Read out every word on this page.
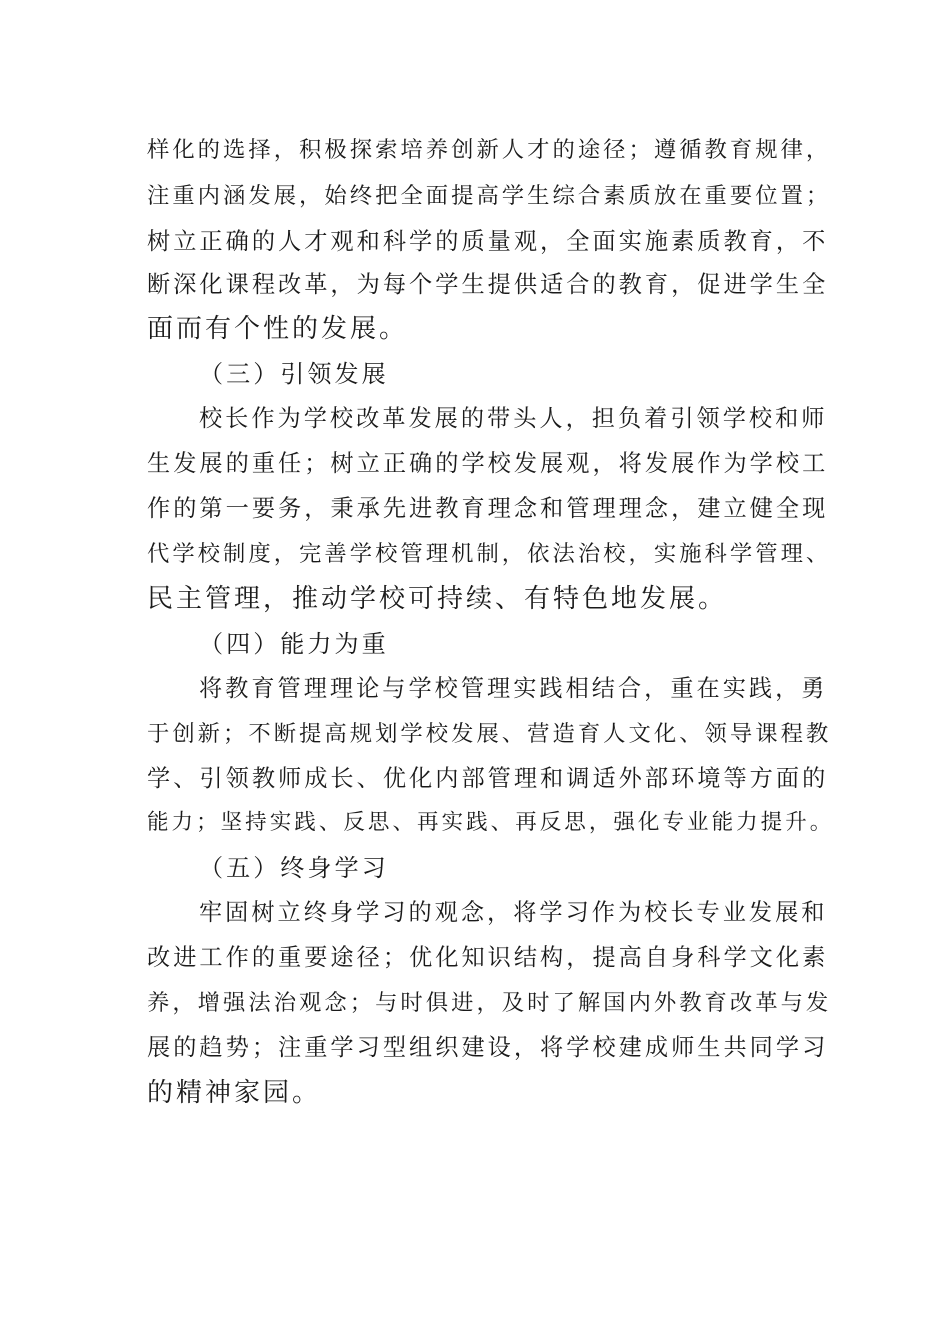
样化的选择，积极探索培养创新人才的途径；遵循教育规律，
注重内涵发展，始终把全面提高学生综合素质放在重要位置；
树立正确的人才观和科学的质量观，全面实施素质教育，不
断深化课程改革，为每个学生提供适合的教育，促进学生全
面而有个性的发展。
（三）引领发展
校长作为学校改革发展的带头人，担负着引领学校和师
生发展的重任；树立正确的学校发展观，将发展作为学校工
作的第一要务，秉承先进教育理念和管理理念，建立健全现
代学校制度，完善学校管理机制，依法治校，实施科学管理、
民主管理，推动学校可持续、有特色地发展。
（四）能力为重
将教育管理理论与学校管理实践相结合，重在实践，勇
于创新；不断提高规划学校发展、营造育人文化、领导课程教
学、引领教师成长、优化内部管理和调适外部环境等方面的
能力；坚持实践、反思、再实践、再反思，强化专业能力提升。
（五）终身学习
牢固树立终身学习的观念，将学习作为校长专业发展和
改进工作的重要途径；优化知识结构，提高自身科学文化素
养，增强法治观念；与时俱进，及时了解国内外教育改革与发
展的趋势；注重学习型组织建设，将学校建成师生共同学习
的精神家园。
